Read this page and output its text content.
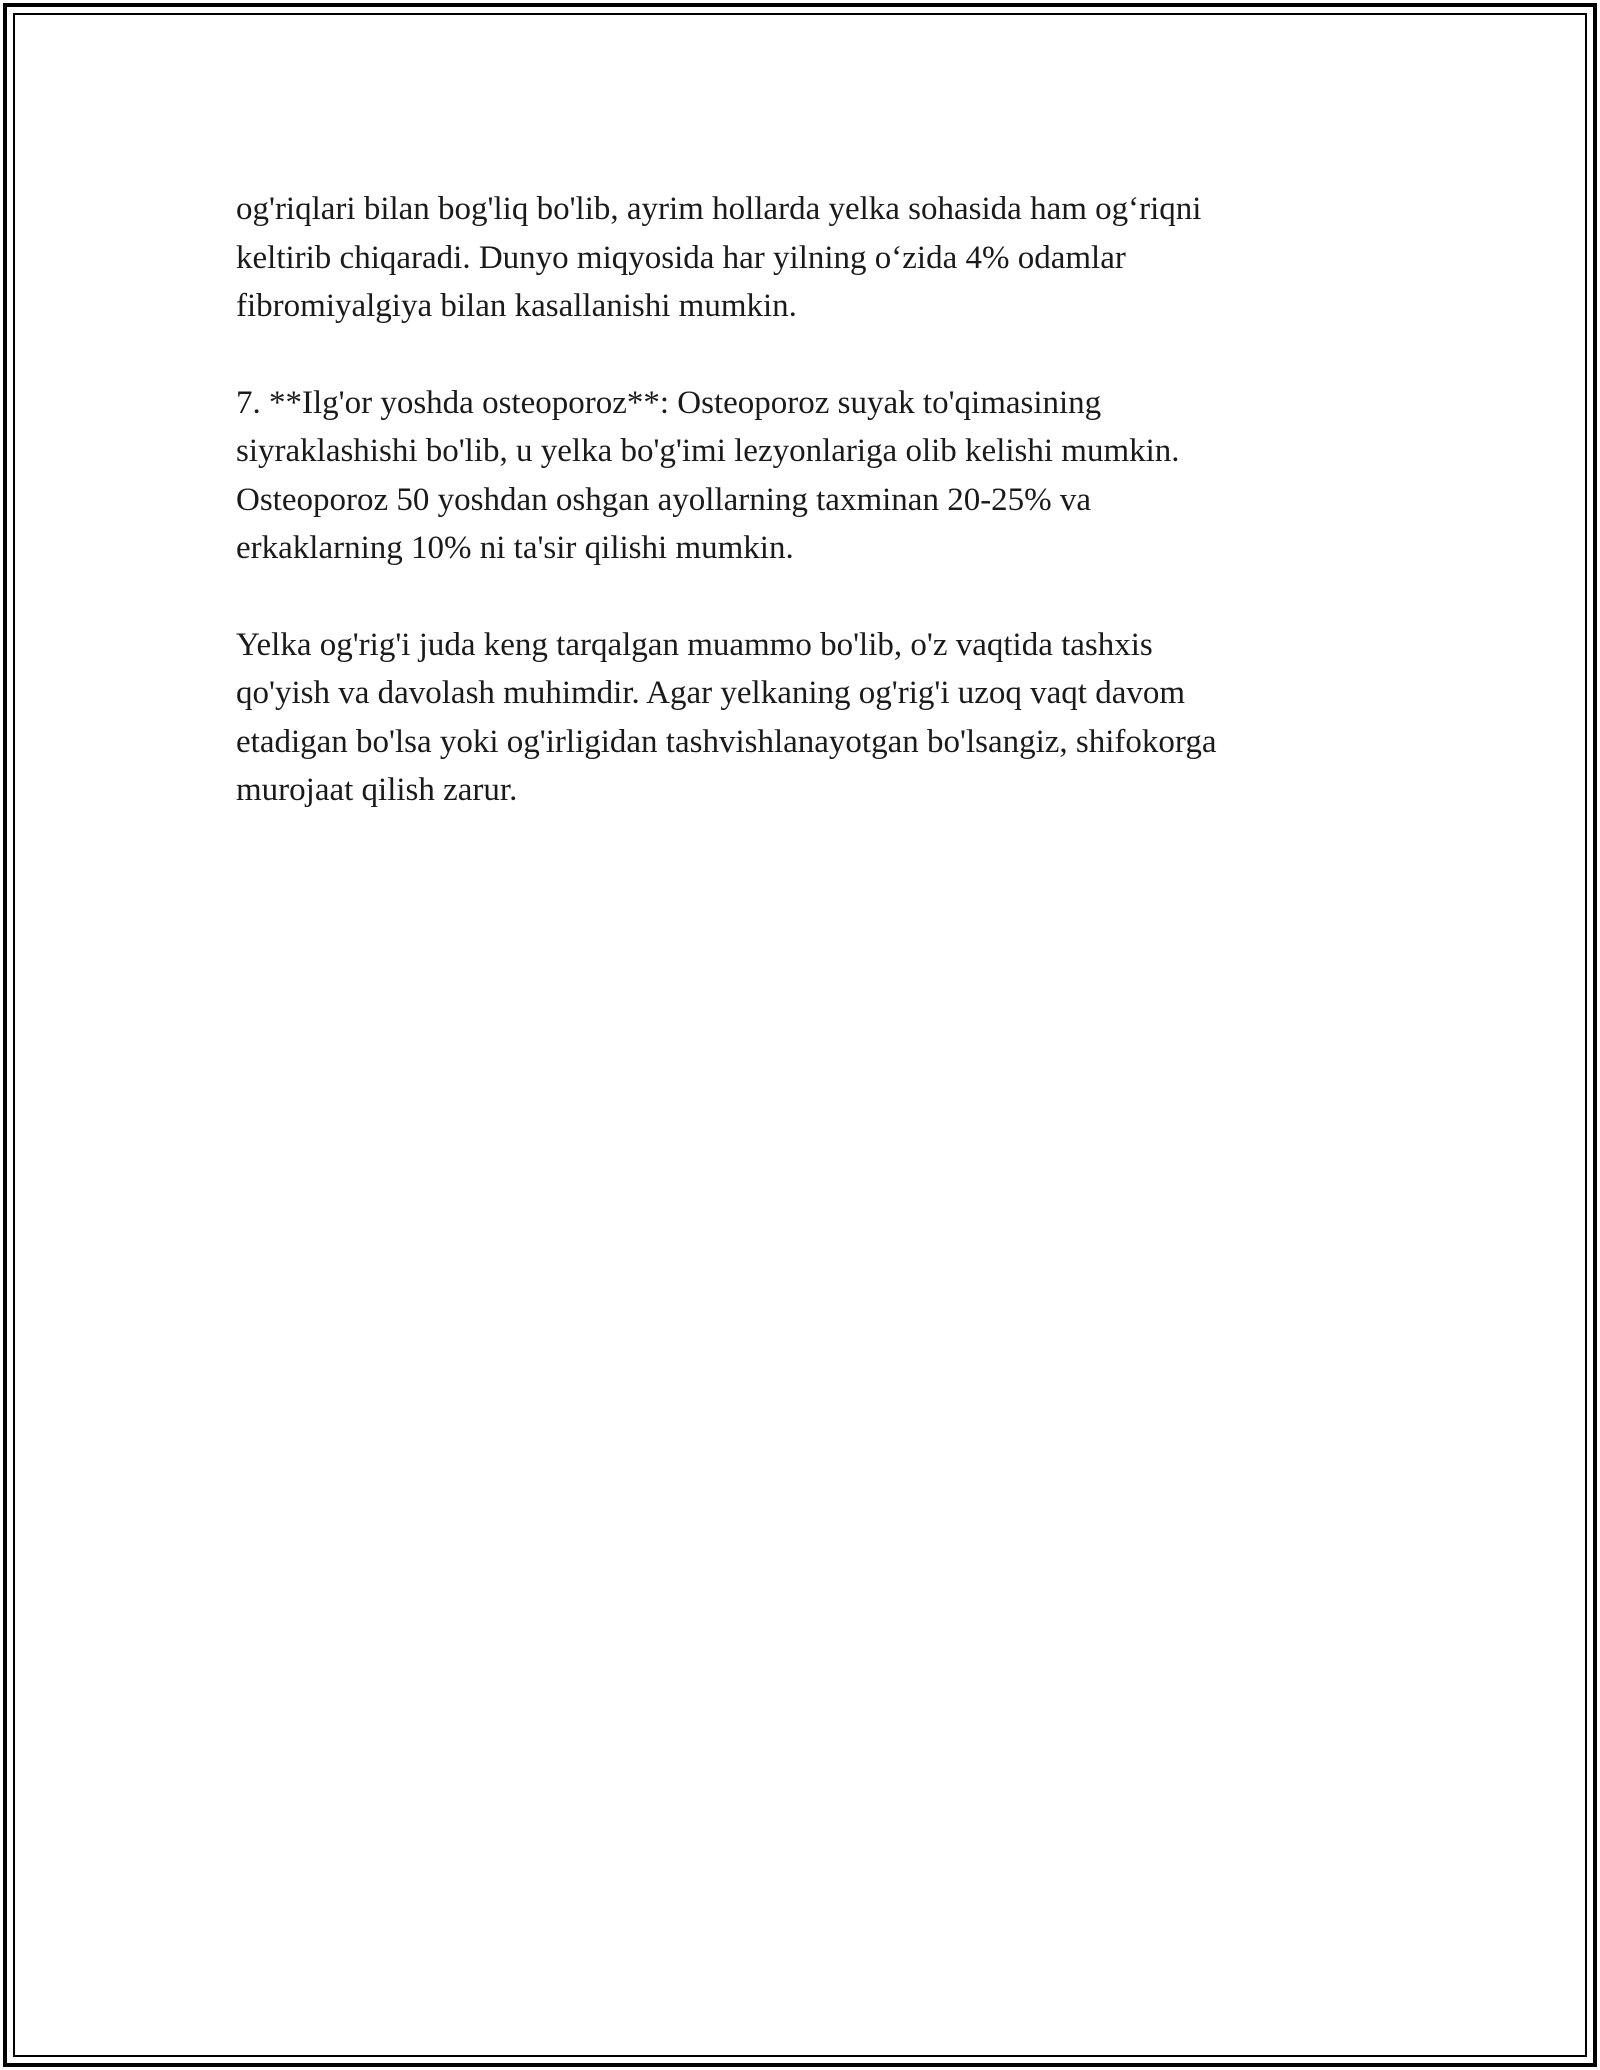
og'riqlari bilan bog'liq bo'lib, ayrim hollarda yelka sohasida ham og‘riqni
keltirib chiqaradi. Dunyo miqyosida har yilning o‘zida 4% odamlar
fibromiyalgiya bilan kasallanishi mumkin.

7. **Ilg'or yoshda osteoporoz**: Osteoporoz suyak to'qimasining
siyraklashishi bo'lib, u yelka bo'g'imi lezyonlariga olib kelishi mumkin.
Osteoporoz 50 yoshdan oshgan ayollarning taxminan 20-25% va
erkaklarning 10% ni ta'sir qilishi mumkin.

Yelka og'rig'i juda keng tarqalgan muammo bo'lib, o'z vaqtida tashxis
qo'yish va davolash muhimdir. Agar yelkaning og'rig'i uzoq vaqt davom
etadigan bo'lsa yoki og'irligidan tashvishlanayotgan bo'lsangiz, shifokorga
murojaat qilish zarur.
